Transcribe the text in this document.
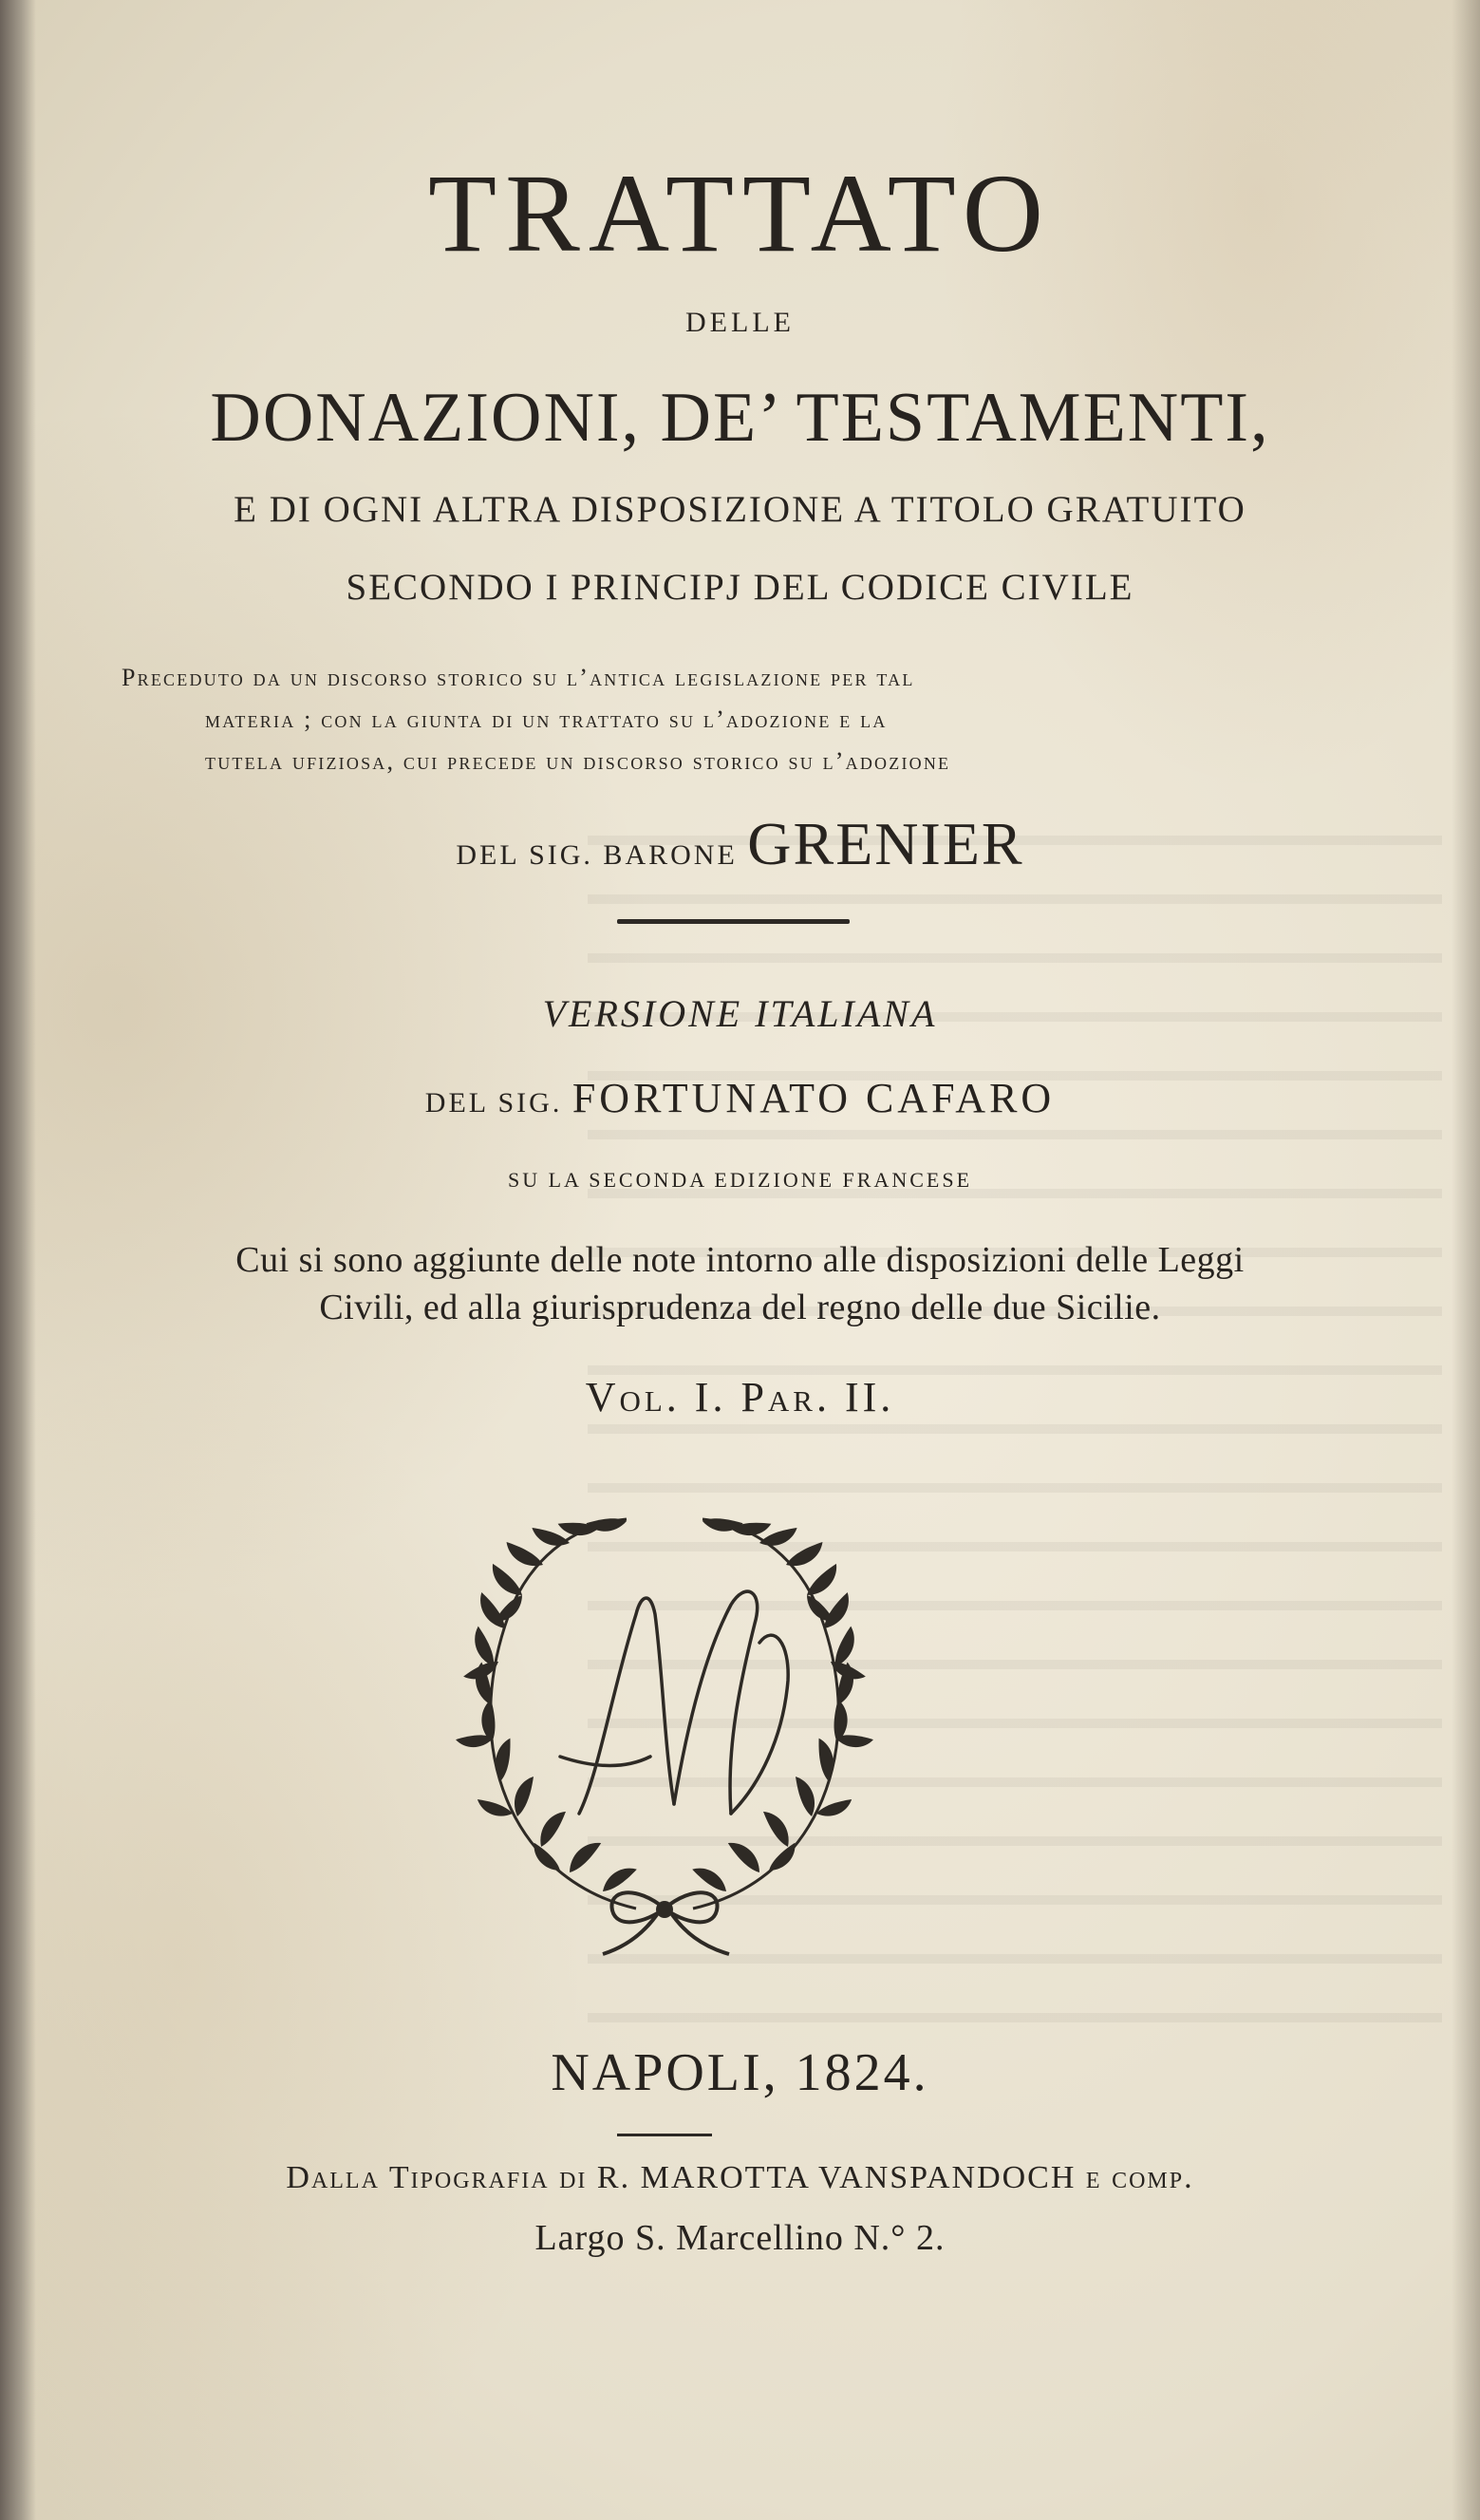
TRATTATO
DELLE
DONAZIONI, DE’ TESTAMENTI,
E DI OGNI ALTRA DISPOSIZIONE A TITOLO GRATUITO
SECONDO I PRINCIPJ DEL CODICE CIVILE
Preceduto da un discorso storico su l’antica legislazione per tal
materia ; con la giunta di un trattato su l’adozione e la
tutela ufiziosa, cui precede un discorso storico su l’adozione
DEL SIG. BARONE GRENIER
VERSIONE ITALIANA
DEL SIG. FORTUNATO CAFARO
SU LA SECONDA EDIZIONE FRANCESE
Cui si sono aggiunte delle note intorno alle disposizioni delle Leggi
Civili, ed alla giurisprudenza del regno delle due Sicilie.
Vol. I. Par. II.
NAPOLI, 1824.
Dalla Tipografia di R. MAROTTA VANSPANDOCH e comp.
Largo S. Marcellino N.° 2.
